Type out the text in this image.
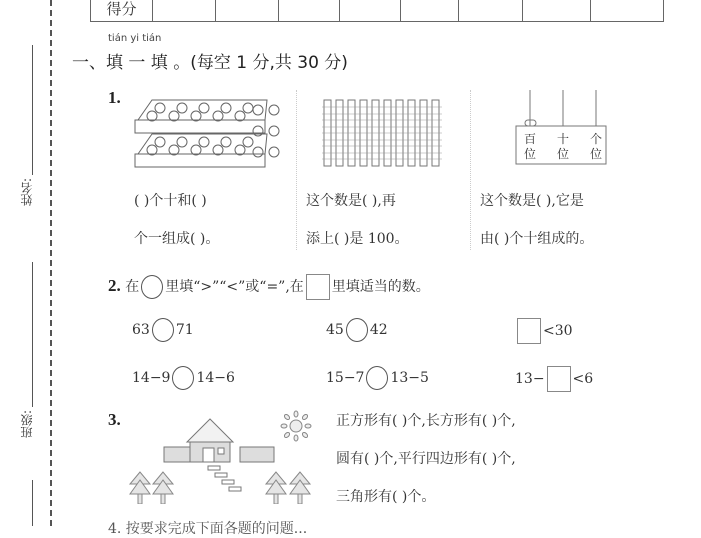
得分								
姓名:
班级:
tián yi tián
一、填 一 填 。(每空 1 分,共 30 分)
1.
百
位
十
位
个
位
( )个十和( )
个一组成( )。
这个数是( ),再
添上( )是 100。
这个数是( ),它是
由( )个十组成的。
2. 在 里填“>”“<”或“=”,在 里填适当的数。
63 71	45 42	<30
14−9 14−6	15−7 13−5	13− <6
3.	正方形有( )个,长方形有( )个,
圆有( )个,平行四边形有( )个,
三角形有( )个。
4. 按要求完成下面各题的问题...
